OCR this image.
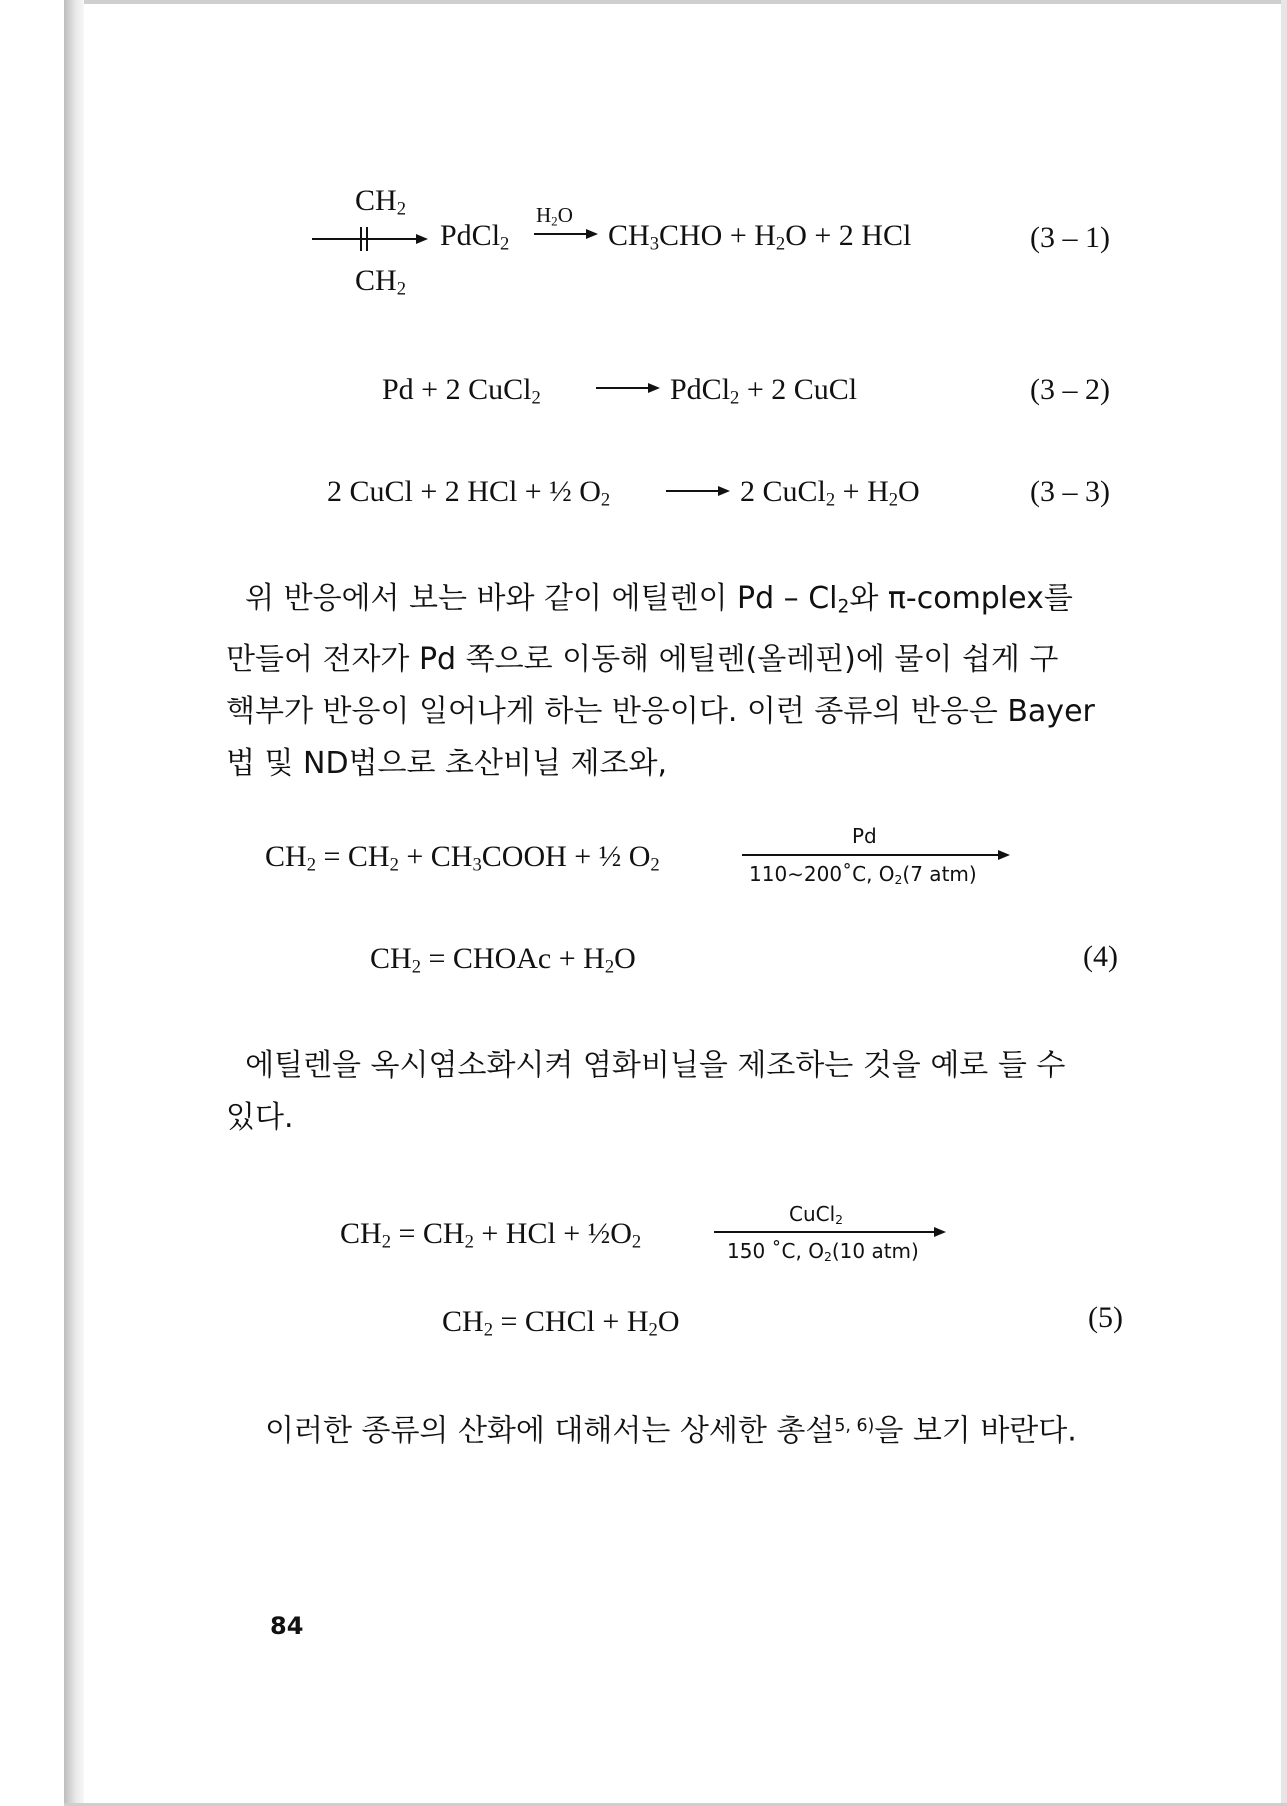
$CH_2$
$CH_2$
PdCl$_2$
$H_2O$
$CH_3CHO + H_2O + 2$ HCl	(3 – 1)
Pd + 2 CuCl$_2$	PdCl$_2$ + 2 CuCl	(3 – 2)
2 CuCl + 2 HCl + ½ $O_2$	2 CuCl$_2$ + $H_2O$	(3 – 3)
위 반응에서 보는 바와 같이 에틸렌이 Pd – $Cl_2$와 π-complex를
만들어 전자가 Pd 쪽으로 이동해 에틸렌(올레핀)에 물이 쉽게 구
핵부가 반응이 일어나게 하는 반응이다. 이런 종류의 반응은 Bayer
법 및 ND법으로 초산비닐 제조와,
$CH_2 = CH_2$ + $CH_3COOH$ + ½ $O_2$
Pd
110∼200˚C, $O_2(7$ atm)
$CH_2$ = CHOAc + $H_2O$	(4)
에틸렌을 옥시염소화시켜 염화비닐을 제조하는 것을 예로 들 수
있다.
$CH_2 = CH_2$ + HCl + $\frac{1}{2}O_2$
CuCl$_2$
150 ˚C, $O_2(10$ atm)
$CH_2$ = CHCl + $H_2O$	(5)
이러한 종류의 산화에 대해서는 상세한 총설$^{5, 6)}$을 보기 바란다.
84
